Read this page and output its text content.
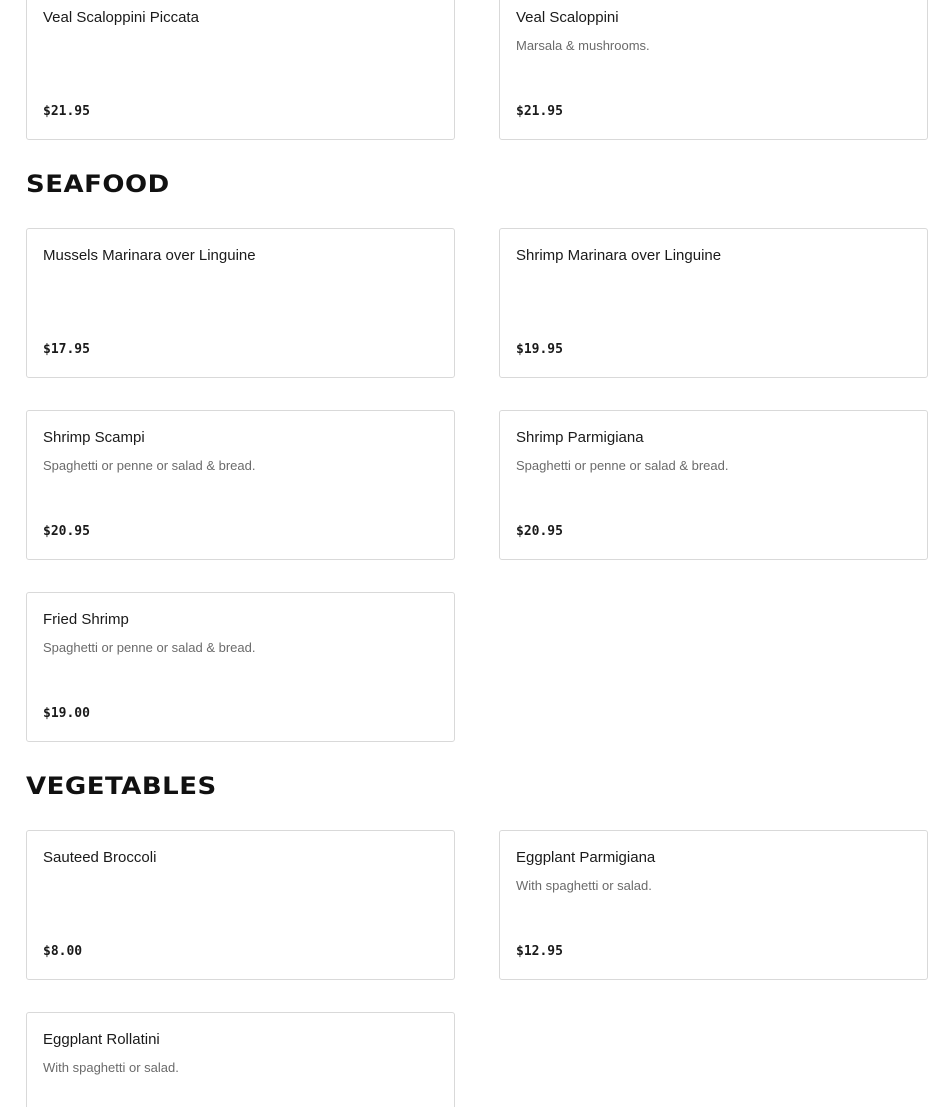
Veal Scaloppini Piccata
$21.95
Veal Scaloppini
Marsala & mushrooms.
$21.95
SEAFOOD
Mussels Marinara over Linguine
$17.95
Shrimp Marinara over Linguine
$19.95
Shrimp Scampi
Spaghetti or penne or salad & bread.
$20.95
Shrimp Parmigiana
Spaghetti or penne or salad & bread.
$20.95
Fried Shrimp
Spaghetti or penne or salad & bread.
$19.00
VEGETABLES
Sauteed Broccoli
$8.00
Eggplant Parmigiana
With spaghetti or salad.
$12.95
Eggplant Rollatini
With spaghetti or salad.
